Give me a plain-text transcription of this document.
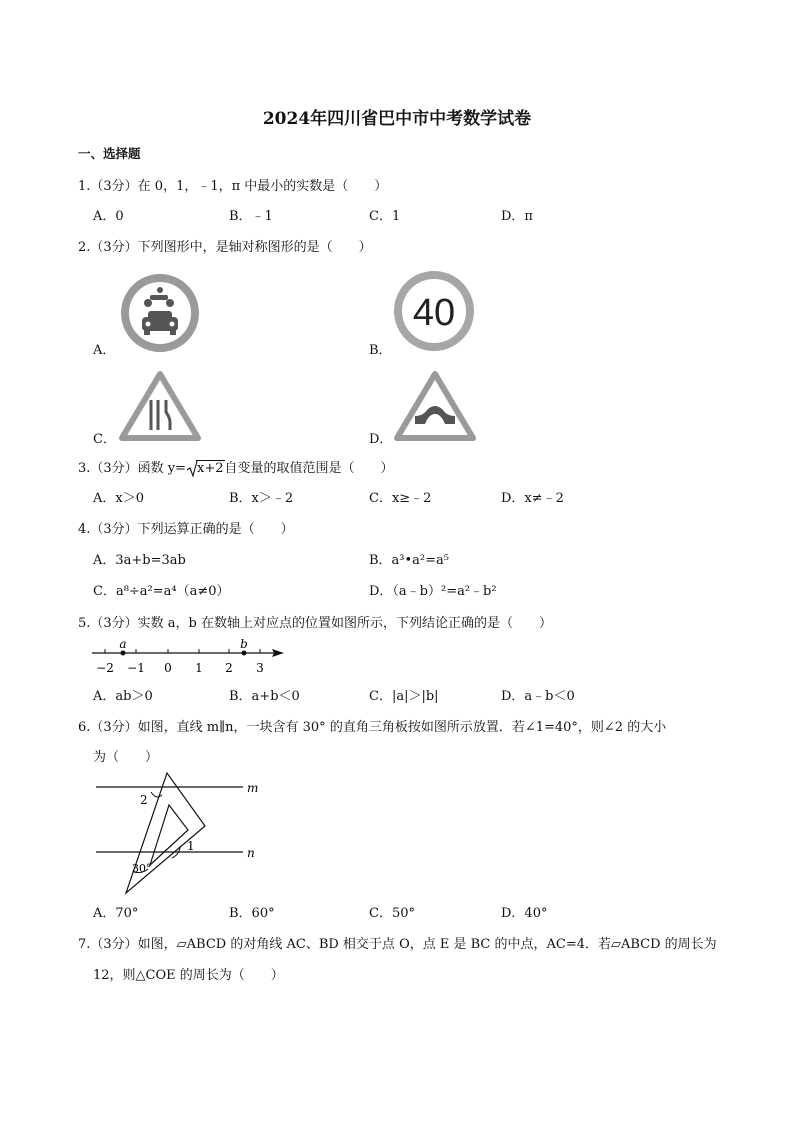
2024年四川省巴中市中考数学试卷
一、选择题
1.（3分）在 0，1，﹣1，π 中最小的实数是（　　）
A．0	B．﹣1	C．1	D．π
2.（3分）下列图形中，是轴对称图形的是（　　）
A．	B．
C．	D．
40
3.（3分）函数 y= x+2自变量的取值范围是（　　）
A．x＞0	B．x＞﹣2	C．x≥﹣2	D．x≠﹣2
4.（3分）下列运算正确的是（　　）
A．3a+b=3ab	B．a³•a²=a⁵
C．a⁸÷a²=a⁴（a≠0）	D．（a﹣b）²=a²﹣b²
5.（3分）实数 a，b 在数轴上对应点的位置如图所示，下列结论正确的是（　　）
a	b
−2 −1 0 1 2 3
A．ab＞0	B．a+b＜0	C．|a|＞|b|	D．a﹣b＜0
6.（3分）如图，直线 m∥n，一块含有 30° 的直角三角板按如图所示放置．若∠1=40°，则∠2 的大小
为（　　）
m
n
2
1
30°
A．70°	B．60°	C．50°	D．40°
7.（3分）如图，▱ABCD 的对角线 AC、BD 相交于点 O，点 E 是 BC 的中点，AC=4．若▱ABCD 的周长为
12，则△COE 的周长为（　　）
